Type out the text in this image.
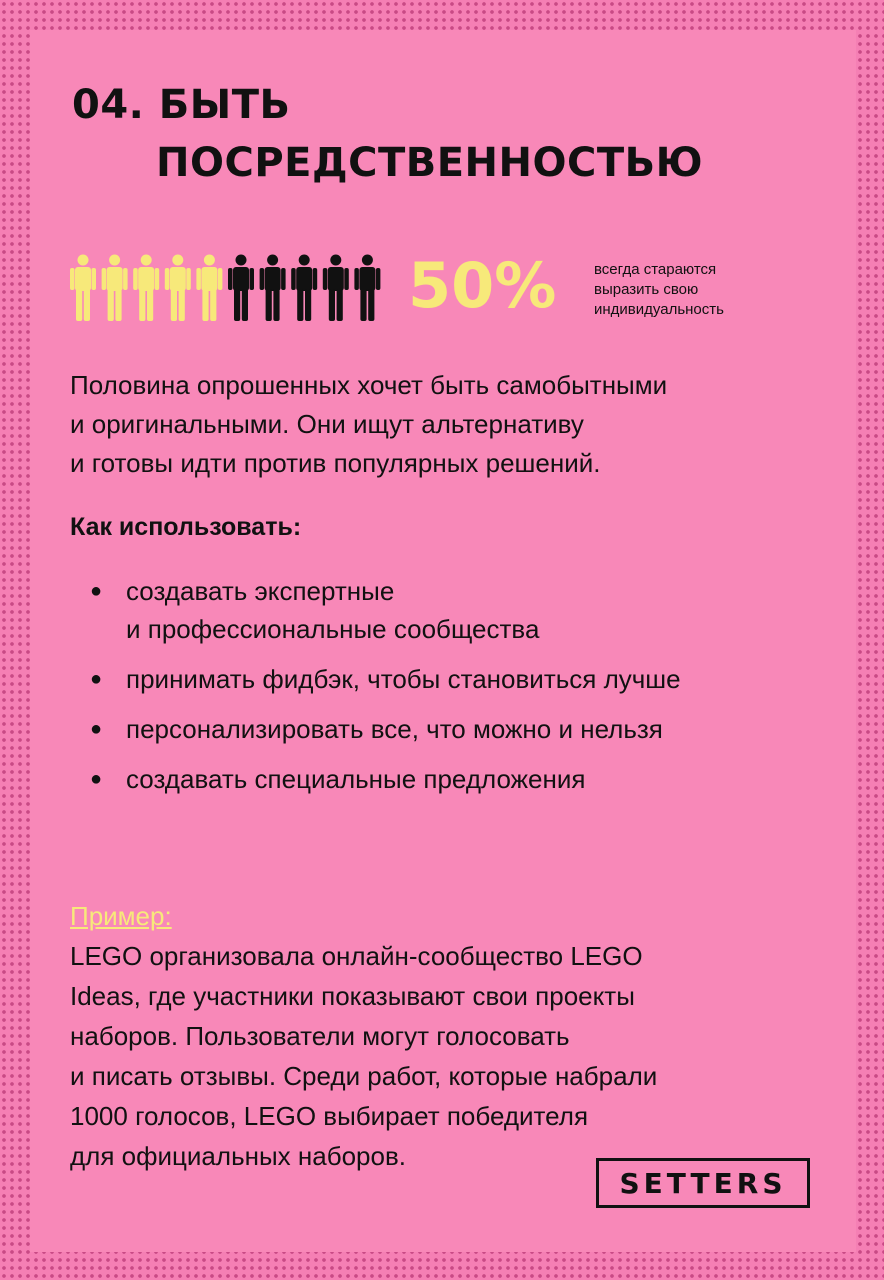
04. БЫТЬ
ПОСРЕДСТВЕННОСТЬЮ
50%	всегда стараются
выразить свою
индивидуальность

Половина опрошенных хочет быть самобытными
и оригинальными. Они ищут альтернативу
и готовы идти против популярных решений.

Как использовать:

● создавать экспертные
и профессиональные сообщества
● принимать фидбэк, чтобы становиться лучше
● персонализировать все, что можно и нельзя
● создавать специальные предложения

Пример:

LEGO организовала онлайн-сообщество LEGO
Ideas, где участники показывают свои проекты
наборов. Пользователи могут голосовать
и писать отзывы. Среди работ, которые набрали
1000 голосов, LEGO выбирает победителя
для официальных наборов.

SETTERS
